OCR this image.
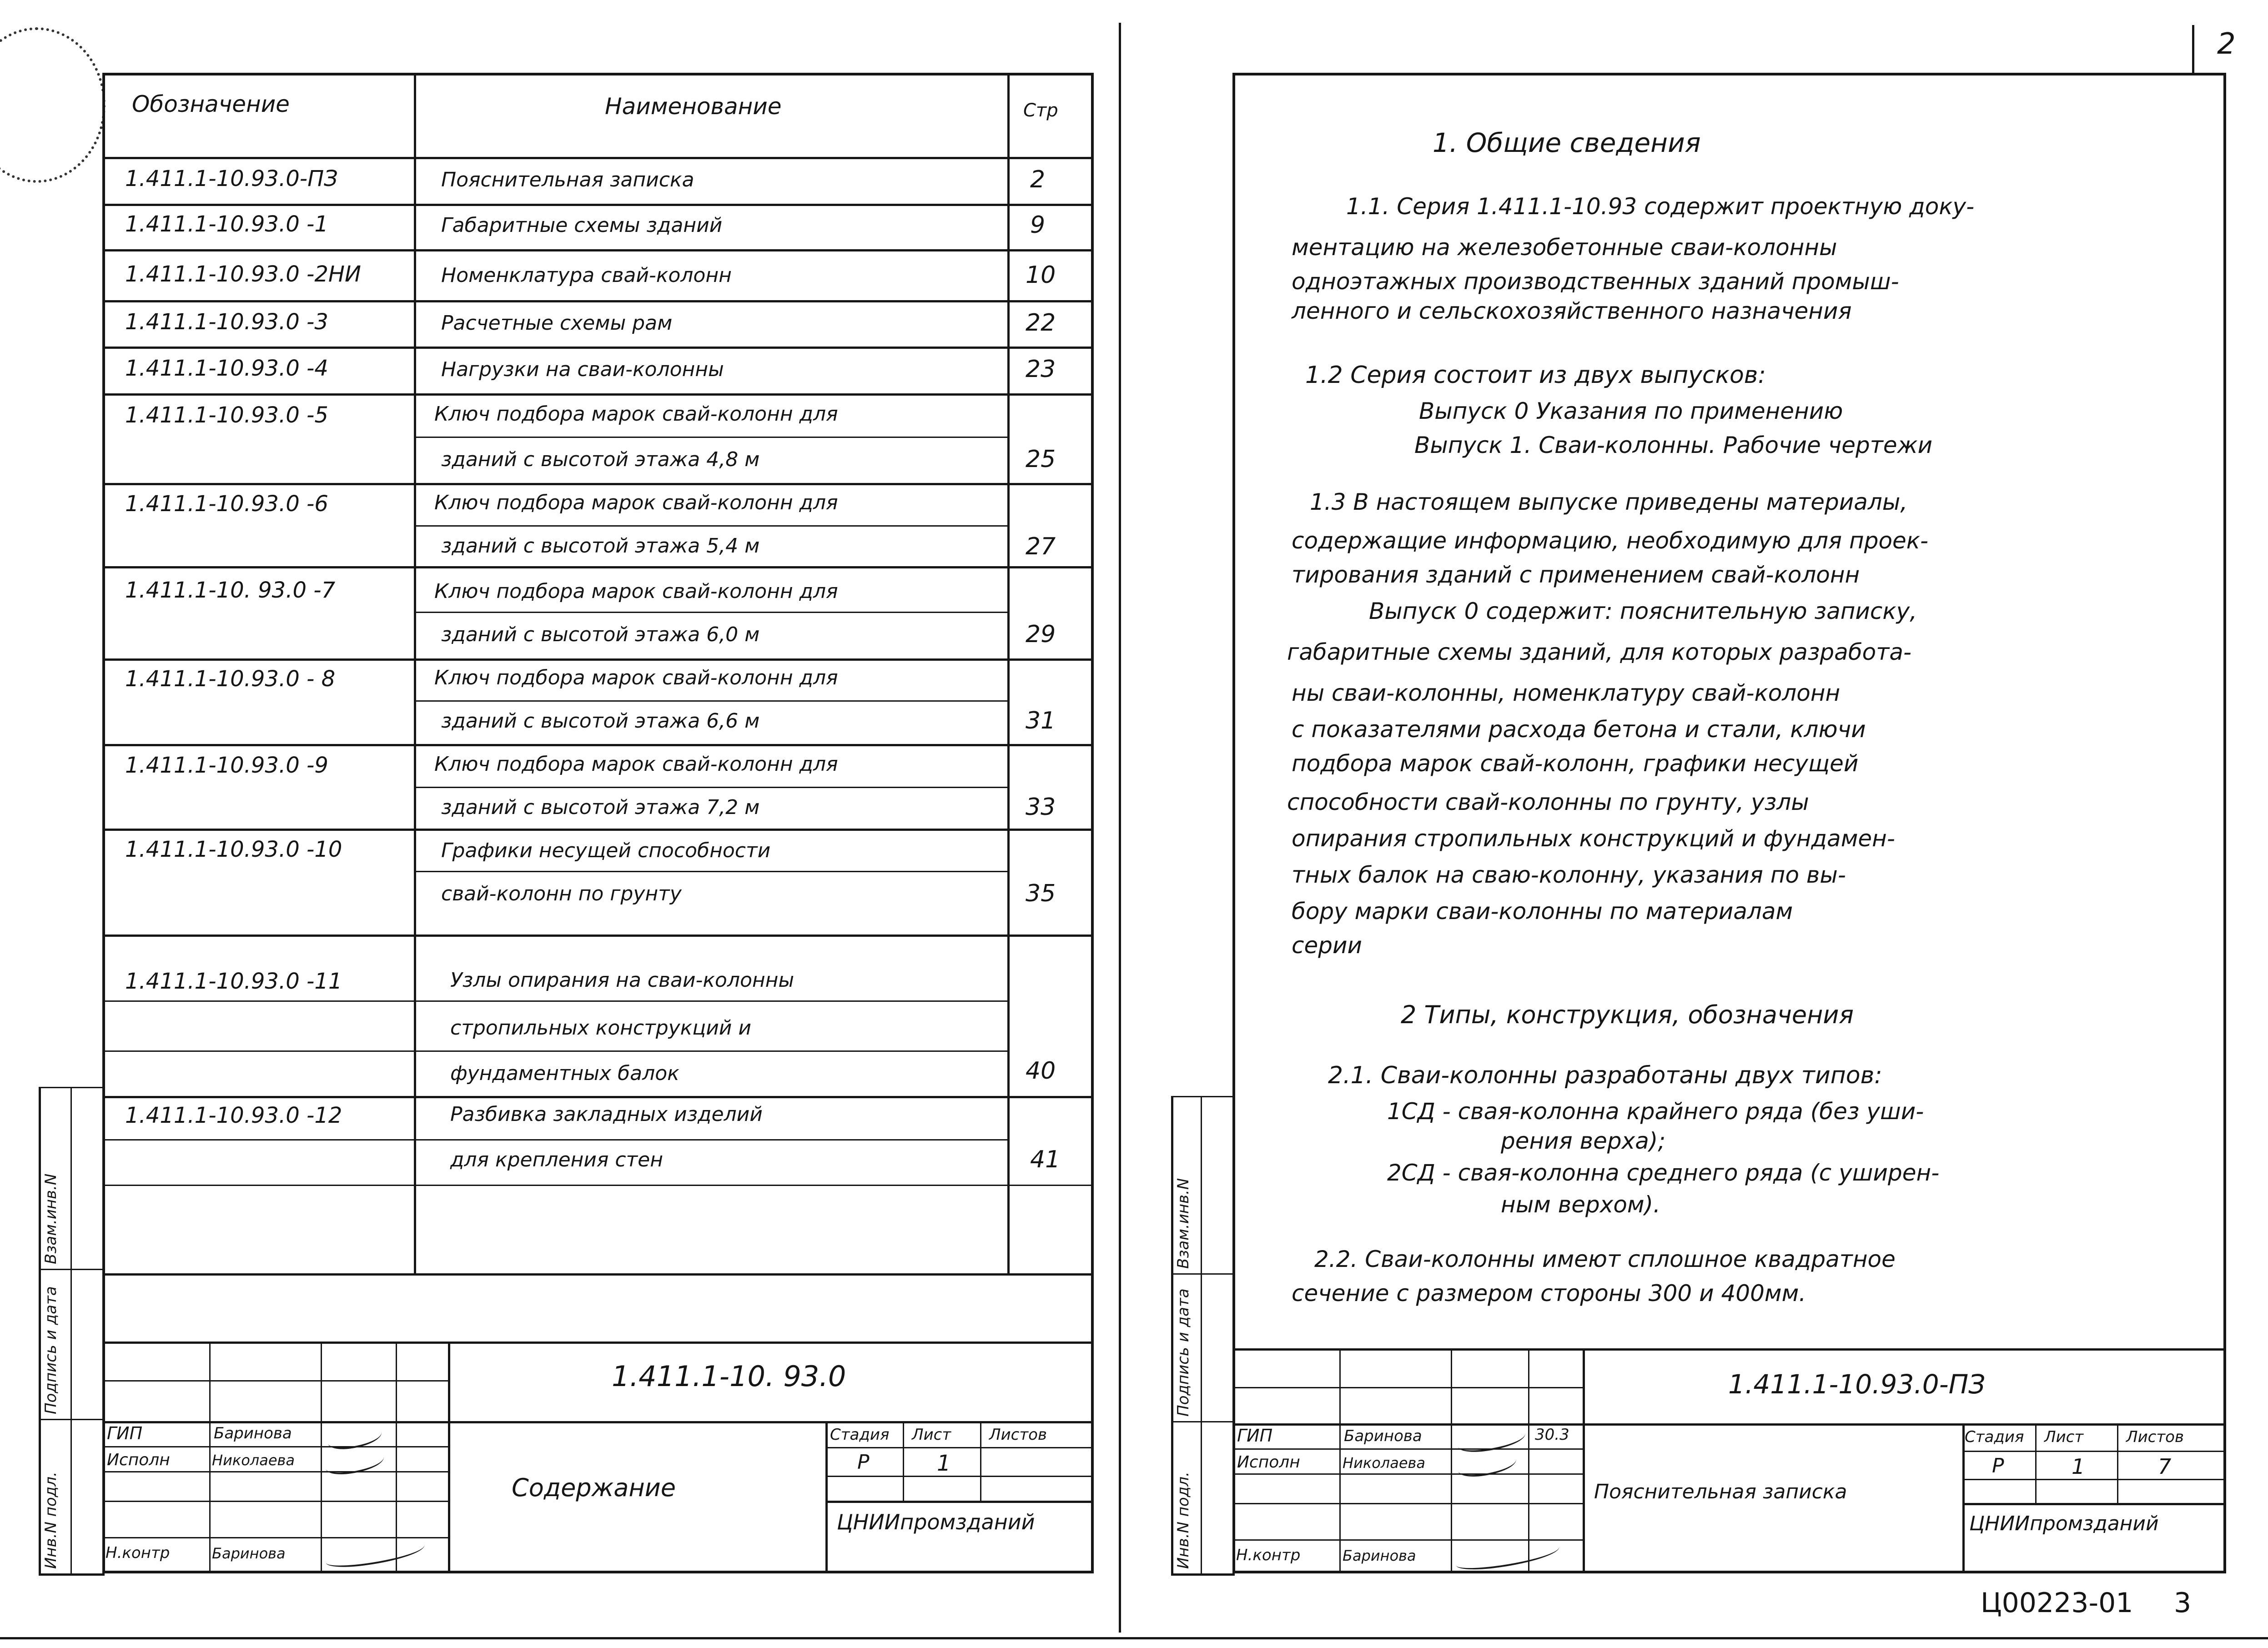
Инв.N подл.
Подпись и дата
Взам.инв.N
Обозначение	Наименование	Стр
1.411.1-10.93.0-ПЗ	Пояснительная записка	2
1.411.1-10.93.0 -1	Габаритные схемы зданий	9
1.411.1-10.93.0 -2НИ	Номенклатура свай-колонн	10
1.411.1-10.93.0 -3	Расчетные схемы рам	22
1.411.1-10.93.0 -4	Нагрузки на сваи-колонны	23
1.411.1-10.93.0 -5	Ключ подбора марок свай-колонн для
зданий с высотой этажа 4,8 м	25
1.411.1-10.93.0 -6	Ключ подбора марок свай-колонн для
зданий с высотой этажа 5,4 м	27
1.411.1-10. 93.0 -7	Ключ подбора марок свай-колонн для
зданий с высотой этажа 6,0 м	29
1.411.1-10.93.0 - 8	Ключ подбора марок свай-колонн для
зданий с высотой этажа 6,6 м	31
1.411.1-10.93.0 -9	Ключ подбора марок свай-колонн для
зданий с высотой этажа 7,2 м	33
1.411.1-10.93.0 -10	Графики несущей способности
свай-колонн по грунту	35
1.411.1-10.93.0 -11	Узлы опирания на сваи-колонны
стропильных конструкций и
фундаментных балок	40
1.411.1-10.93.0 -12	Разбивка закладных изделий
для крепления стен	41
1.411.1-10. 93.0
Содержание
Стадия Лист Листов
Р	1
ЦНИИпромзданий
ГИП	Баринова
Исполн	Николаева
Н.контр	Баринова
2
Инв.N подл.
Подпись и дата
Взам.инв.N
1. Общие сведения
1.1. Серия 1.411.1-10.93 содержит проектную доку-
ментацию на железобетонные сваи-колонны
одноэтажных производственных зданий промыш-
ленного и сельскохозяйственного назначения
1.2 Серия состоит из двух выпусков:
Выпуск 0 Указания по применению
Выпуск 1. Сваи-колонны. Рабочие чертежи
1.3 В настоящем выпуске приведены материалы,
содержащие информацию, необходимую для проек-
тирования зданий с применением свай-колонн
Выпуск 0 содержит: пояснительную записку,
габаритные схемы зданий, для которых разработа-
ны сваи-колонны, номенклатуру свай-колонн
с показателями расхода бетона и стали, ключи
подбора марок свай-колонн, графики несущей
способности свай-колонны по грунту, узлы
опирания стропильных конструкций и фундамен-
тных балок на сваю-колонну, указания по вы-
бору марки сваи-колонны по материалам
серии
2 Типы, конструкция, обозначения
2.1. Сваи-колонны разработаны двух типов:
1СД - свая-колонна крайнего ряда (без уши-
рения верха);
2СД - свая-колонна среднего ряда (с уширен-
ным верхом).
2.2. Сваи-колонны имеют сплошное квадратное
сечение с размером стороны 300 и 400мм.
1.411.1-10.93.0-ПЗ
Пояснительная записка
Стадия Лист	Листов
Р	1	7
ЦНИИпромзданий
30.3
ГИП	Баринова
Исполн	Николаева
Н.контр	Баринова
Ц00223-01 3
